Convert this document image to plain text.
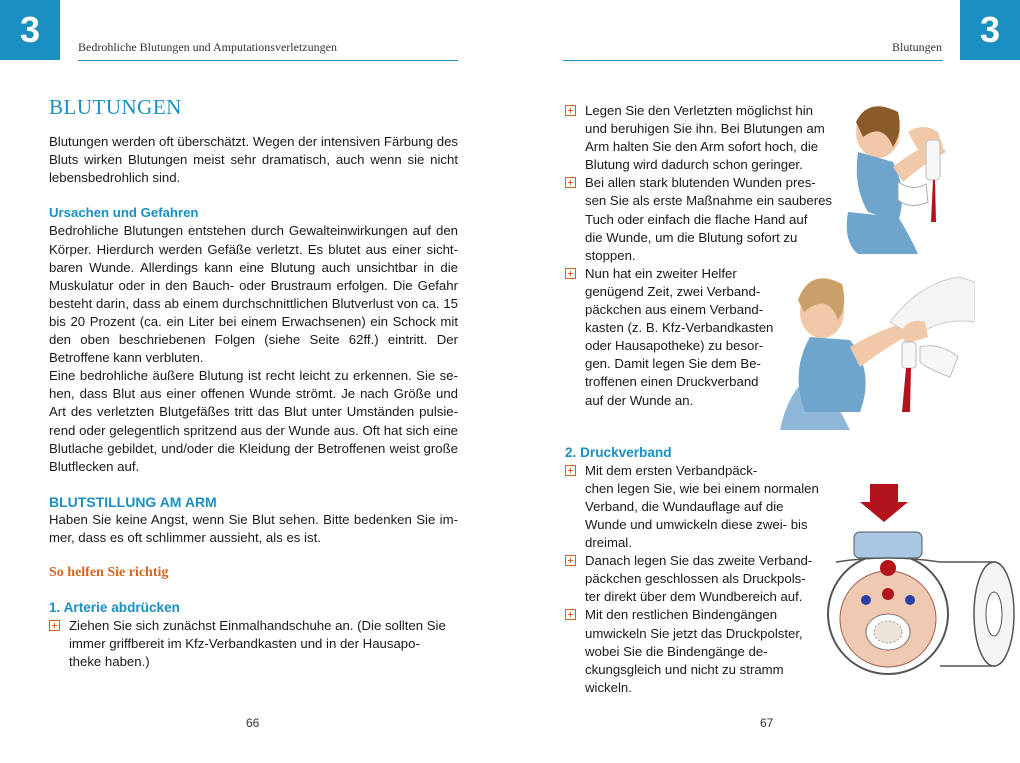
3	Bedrohliche Blutungen und Amputationsverletzungen
BLUTUNGEN

Blutungen werden oft überschätzt. Wegen der intensiven Färbung des Bluts wirken Blutungen meist sehr dramatisch, auch wenn sie nicht lebensbedrohlich sind.

Ursachen und Gefahren

Bedrohliche Blutungen entstehen durch Gewalteinwirkungen auf den Körper. Hierdurch werden Gefäße verletzt. Es blutet aus einer sicht-baren Wunde. Allerdings kann eine Blutung auch unsichtbar in die Muskulatur oder in den Bauch- oder Brustraum erfolgen. Die Gefahr besteht darin, dass ab einem durchschnittlichen Blutverlust von ca. 15 bis 20 Prozent (ca. ein Liter bei einem Erwachsenen) ein Schock mit den oben beschriebenen Folgen (siehe Seite 62ff.) eintritt. Der Betroffene kann verbluten.

Eine bedrohliche äußere Blutung ist recht leicht zu erkennen. Sie se-hen, dass Blut aus einer offenen Wunde strömt. Je nach Größe und Art des verletzten Blutgefäßes tritt das Blut unter Umständen pulsie-rend oder gelegentlich spritzend aus der Wunde aus. Oft hat sich eine Blutlache gebildet, und/oder die Kleidung der Betroffenen weist große Blutflecken auf.

BLUTSTILLUNG AM ARM

Haben Sie keine Angst, wenn Sie Blut sehen. Bitte bedenken Sie im-mer, dass es oft schlimmer aussieht, als es ist.

So helfen Sie richtig
1. Arterie abdrücken
Ziehen Sie sich zunächst Einmalhandschuhe an. (Die sollten Sie
immer griffbereit im Kfz-Verbandkasten und in der Hausapo-
theke haben.)
66
3
Blutungen
Legen Sie den Verletzten möglichst hin
und beruhigen Sie ihn. Bei Blutungen am
Arm halten Sie den Arm sofort hoch, die
Blutung wird dadurch schon geringer.
Bei allen stark blutenden Wunden pres-
sen Sie als erste Maßnahme ein sauberes
Tuch oder einfach die flache Hand auf
die Wunde, um die Blutung sofort zu
stoppen.
Nun hat ein zweiter Helfer
genügend Zeit, zwei Verband-
päckchen aus einem Verband-
kasten (z. B. Kfz-Verbandkasten
oder Hausapotheke) zu besor-
gen. Damit legen Sie dem Be-
troffenen einen Druckverband
auf der Wunde an.
2. Druckverband
Mit dem ersten Verbandpäck-
chen legen Sie, wie bei einem normalen
Verband, die Wundauflage auf die
Wunde und umwickeln diese zwei- bis
dreimal.
Danach legen Sie das zweite Verband-
päckchen geschlossen als Druckpols-
ter direkt über dem Wundbereich auf.
Mit den restlichen Bindengängen
umwickeln Sie jetzt das Druckpolster,
wobei Sie die Bindengänge de-
ckungsgleich und nicht zu stramm
wickeln.
67
